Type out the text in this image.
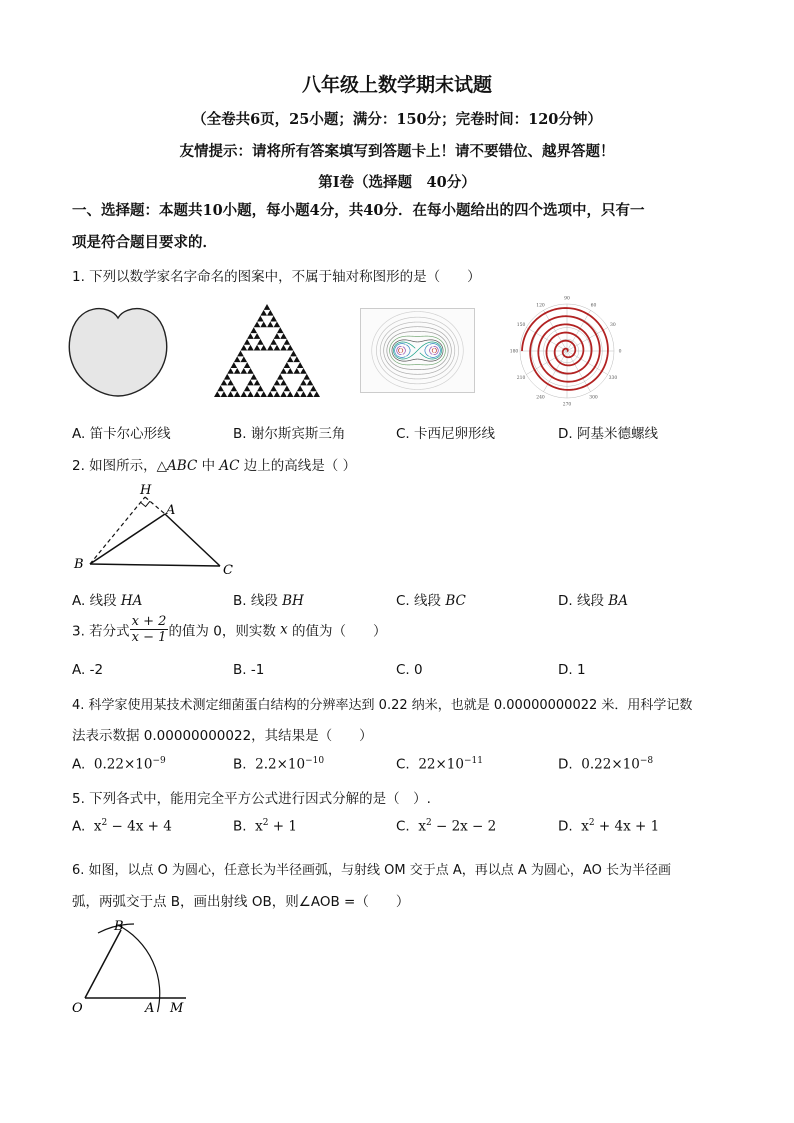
八年级上数学期末试题
（全卷共6页，25小题；满分：150分；完卷时间：120分钟）
友情提示：请将所有答案填写到答题卡上！请不要错位、越界答题！
第Ⅰ卷（选择题　40分）
一、选择题：本题共10小题，每小题4分，共40分．在每小题给出的四个选项中，只有一
项是符合题目要求的．
1. 下列以数学家名字命名的图案中，不属于轴对称图形的是（　　）
90
120	60
150	30
180	0
210	330
240	300
270
A. 笛卡尔心形线	B. 谢尔斯宾斯三角	C. 卡西尼卵形线	D. 阿基米德螺线
2. 如图所示，△ABC 中 AC 边上的高线是（ ）
H
A
B	C
A. 线段 HA	B. 线段 BH	C. 线段 BC	D. 线段 BA
3. 若分式 $\frac{x + 2}{x - 1}$ 的值为 0，则实数 x 的值为（　　）
A. -2	B. -1	C. 0	D. 1
4. 科学家使用某技术测定细菌蛋白结构的分辨率达到 0.22 纳米，也就是 0.00000000022 米．用科学记数
法表示数据 0.00000000022，其结果是（　　）
A. $0.22\times 10^{-9}$	B. $2.2\times 10^{-10}$	C. $22\times 10^{-11}$	D. $0.22\times 10^{-8}$
5. 下列各式中，能用完全平方公式进行因式分解的是（　）.
A. $x^2 - 4x + 4$	B. $x^2 + 1$	C. $x^2 - 2x - 2$	D. $x^2 + 4x + 1$
6. 如图，以点 O 为圆心，任意长为半径画弧，与射线 OM 交于点 A，再以点 A 为圆心，AO 长为半径画
弧，两弧交于点 B，画出射线 OB，则∠AOB =（　　）
B
O	A M
